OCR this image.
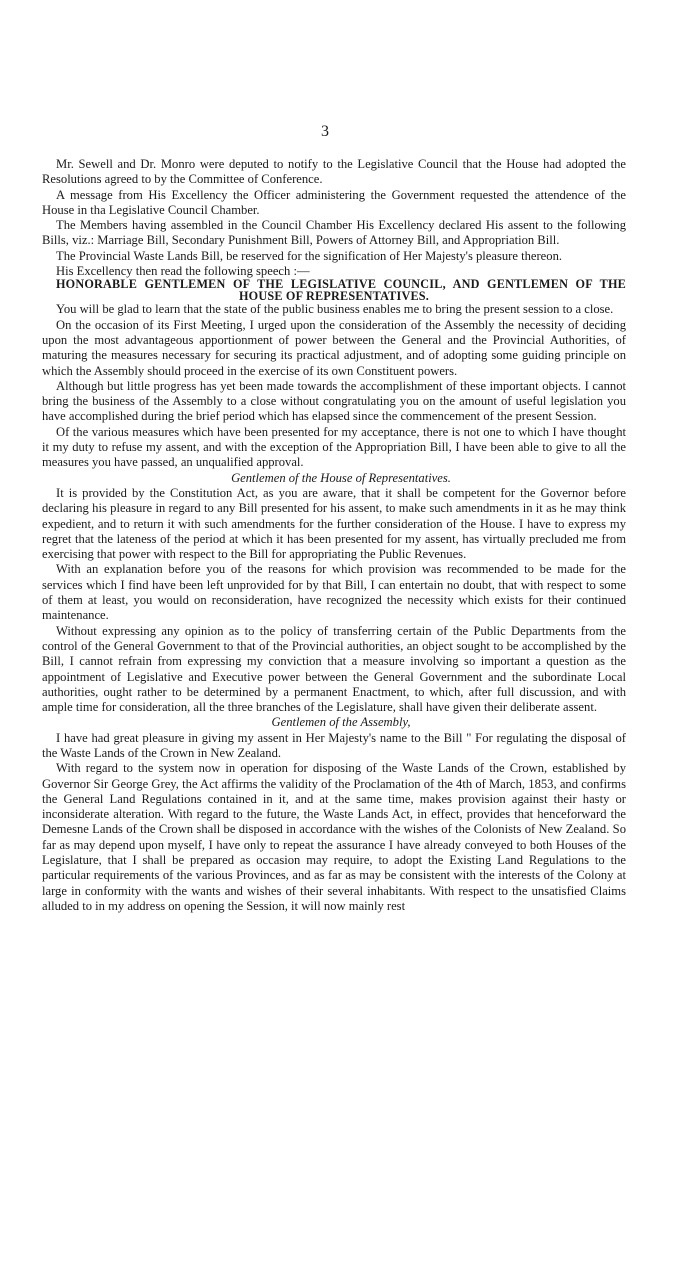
3

Mr. Sewell and Dr. Monro were deputed to notify to the Legislative Council that the House had adopted the Resolutions agreed to by the Committee of Conference.

A message from His Excellency the Officer administering the Government requested the attendence of the House in tha Legislative Council Chamber.

The Members having assembled in the Council Chamber His Excellency declared His assent to the following Bills, viz.: Marriage Bill, Secondary Punishment Bill, Powers of Attorney Bill, and Appropriation Bill.

The Provincial Waste Lands Bill, be reserved for the signification of Her Majesty's pleasure thereon.

His Excellency then read the following speech :—

HONORABLE GENTLEMEN OF THE LEGISLATIVE COUNCIL, AND GENTLEMEN OF THE HOUSE OF REPRESENTATIVES.

You will be glad to learn that the state of the public business enables me to bring the present session to a close.

On the occasion of its First Meeting, I urged upon the consideration of the Assembly the necessity of deciding upon the most advantageous apportionment of power between the General and the Provincial Authorities, of maturing the measures necessary for securing its practical adjustment, and of adopting some guiding principle on which the Assembly should proceed in the exercise of its own Constituent powers.

Although but little progress has yet been made towards the accomplishment of these important objects. I cannot bring the business of the Assembly to a close without congratulating you on the amount of useful legislation you have accomplished during the brief period which has elapsed since the commencement of the present Session.

Of the various measures which have been presented for my acceptance, there is not one to which I have thought it my duty to refuse my assent, and with the exception of the Appropriation Bill, I have been able to give to all the measures you have passed, an unqualified approval.

Gentlemen of the House of Representatives.

It is provided by the Constitution Act, as you are aware, that it shall be competent for the Governor before declaring his pleasure in regard to any Bill presented for his assent, to make such amendments in it as he may think expedient, and to return it with such amendments for the further consideration of the House. I have to express my regret that the lateness of the period at which it has been presented for my assent, has virtually precluded me from exercising that power with respect to the Bill for appropriating the Public Revenues.

With an explanation before you of the reasons for which provision was recommended to be made for the services which I find have been left unprovided for by that Bill, I can entertain no doubt, that with respect to some of them at least, you would on reconsideration, have recognized the necessity which exists for their continued maintenance.

Without expressing any opinion as to the policy of transferring certain of the Public Departments from the control of the General Government to that of the Provincial authorities, an object sought to be accomplished by the Bill, I cannot refrain from expressing my conviction that a measure involving so important a question as the appointment of Legislative and Executive power between the General Government and the subordinate Local authorities, ought rather to be determined by a permanent Enactment, to which, after full discussion, and with ample time for consideration, all the three branches of the Legislature, shall have given their deliberate assent.

Gentlemen of the Assembly,

I have had great pleasure in giving my assent in Her Majesty's name to the Bill " For regulating the disposal of the Waste Lands of the Crown in New Zealand.

With regard to the system now in operation for disposing of the Waste Lands of the Crown, established by Governor Sir George Grey, the Act affirms the validity of the Proclamation of the 4th of March, 1853, and confirms the General Land Regulations contained in it, and at the same time, makes provision against their hasty or inconsiderate alteration. With regard to the future, the Waste Lands Act, in effect, provides that henceforward the Demesne Lands of the Crown shall be disposed in accordance with the wishes of the Colonists of New Zealand. So far as may depend upon myself, I have only to repeat the assurance I have already conveyed to both Houses of the Legislature, that I shall be prepared as occasion may require, to adopt the Existing Land Regulations to the particular requirements of the various Provinces, and as far as may be consistent with the interests of the Colony at large in conformity with the wants and wishes of their several inhabitants. With respect to the unsatisfied Claims alluded to in my address on opening the Session, it will now mainly rest
